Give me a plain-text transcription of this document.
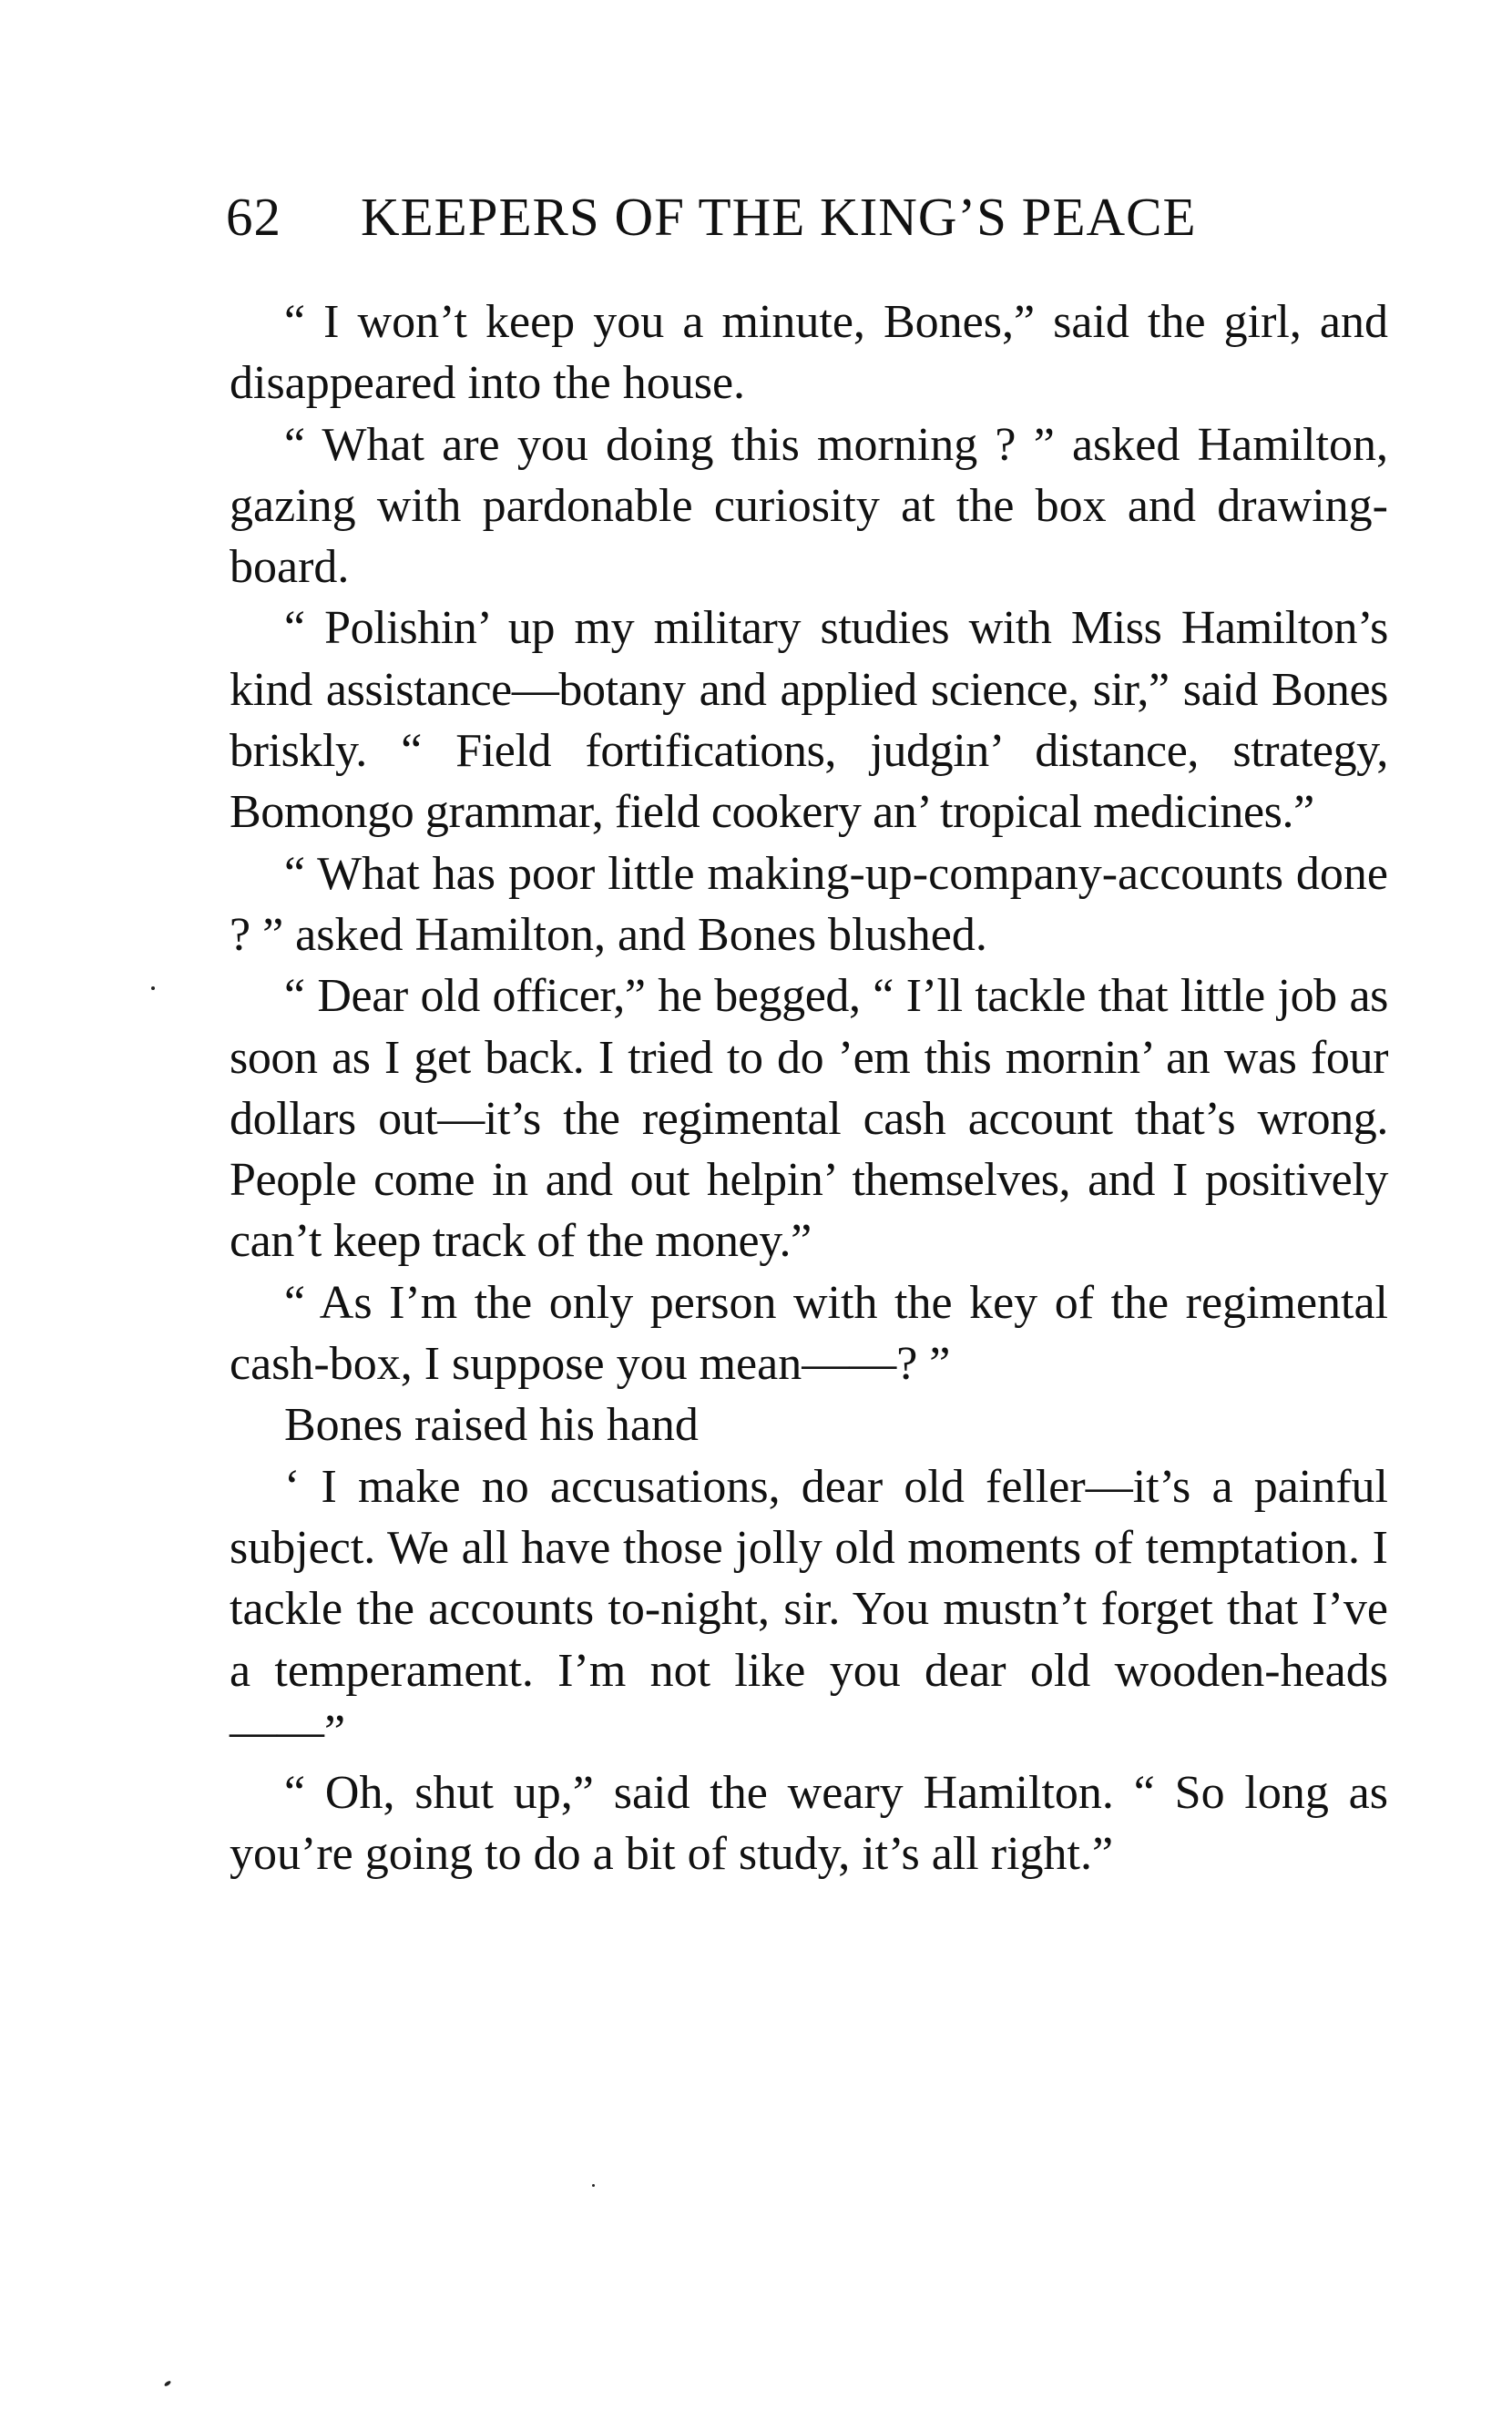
62 KEEPERS OF THE KING’S PEACE

“ I won’t keep you a minute, Bones,” said the girl, and disappeared into the house.

“ What are you doing this morning ? ” asked Hamilton, gazing with pardonable curiosity at the box and drawing-board.

“ Polishin’ up my military studies with Miss Hamilton’s kind assistance—botany and applied science, sir,” said Bones briskly. “ Field fortifications, judgin’ distance, strategy, Bomongo grammar, field cookery an’ tropical medicines.”

“ What has poor little making-up-company-accounts done ? ” asked Hamilton, and Bones blushed.

“ Dear old officer,” he begged, “ I’ll tackle that little job as soon as I get back. I tried to do ’em this mornin’ an was four dollars out—it’s the regimental cash account that’s wrong. People come in and out helpin’ themselves, and I positively can’t keep track of the money.”

“ As I’m the only person with the key of the regimental cash-box, I suppose you mean——? ”

Bones raised his hand

‘ I make no accusations, dear old feller—it’s a painful subject. We all have those jolly old moments of temptation. I tackle the accounts to-night, sir. You mustn’t forget that I’ve a temperament. I’m not like you dear old wooden-heads——”

“ Oh, shut up,” said the weary Hamilton. “ So long as you’re going to do a bit of study, it’s all right.”
